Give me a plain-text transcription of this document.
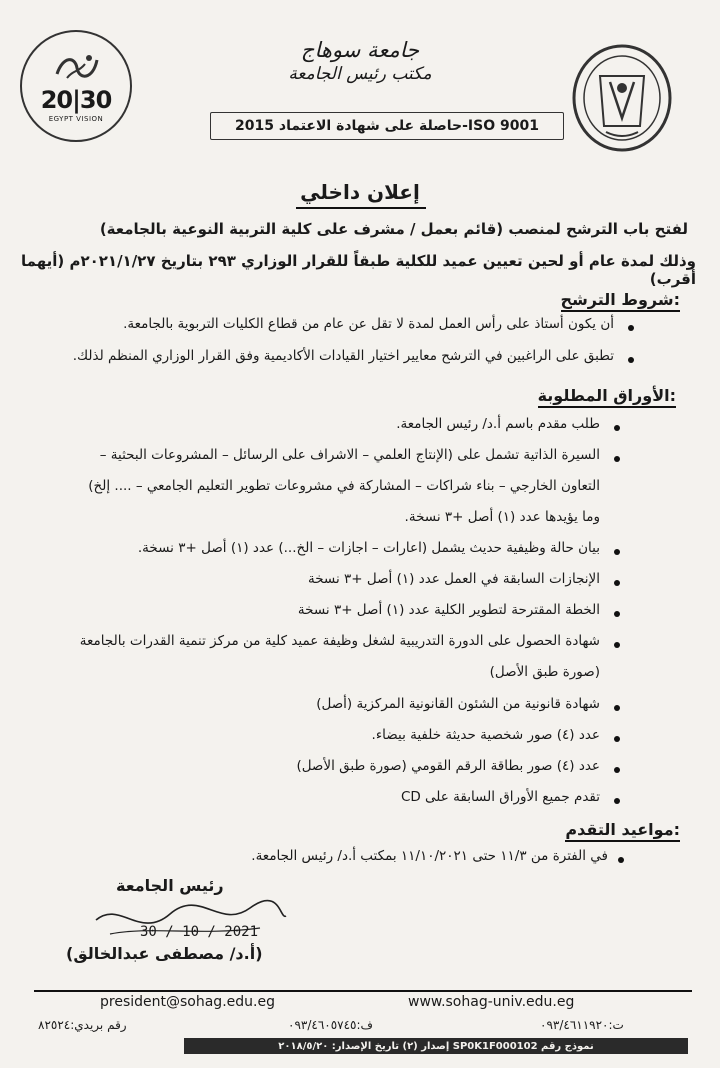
20|30
EGYPT VISION
جامعة سوهاج
مكتب رئيس الجامعة
حاصلة على شهادة الاعتماد 2015-ISO 9001
إعلان داخلي
لفتح باب الترشح لمنصب (قائم بعمل / مشرف على كلية التربية النوعية بالجامعة)
وذلك لمدة عام أو لحين تعيين عميد للكلية طبقاً للقرار الوزاري ٢٩٣ بتاريخ ٢٠٢١/١/٢٧م (أيهما أقرب)
شروط الترشح:
أن يكون أستاذ على رأس العمل لمدة لا تقل عن عام من قطاع الكليات التربوية بالجامعة.
تطبق على الراغبين في الترشح معايير اختيار القيادات الأكاديمية وفق القرار الوزاري المنظم لذلك.
الأوراق المطلوبة:
طلب مقدم باسم أ.د/ رئيس الجامعة.
السيرة الذاتية تشمل على (الإنتاج العلمي – الاشراف على الرسائل – المشروعات البحثية –
التعاون الخارجي – بناء شراكات – المشاركة في مشروعات تطوير التعليم الجامعي – .... إلخ)
وما يؤيدها عدد (١) أصل +٣ نسخة.
بيان حالة وظيفية حديث يشمل (اعارات – اجازات – الخ...) عدد (١) أصل +٣ نسخة.
الإنجازات السابقة في العمل عدد (١) أصل +٣ نسخة
الخطة المقترحة لتطوير الكلية عدد (١) أصل +٣ نسخة
شهادة الحصول على الدورة التدريبية لشغل وظيفة عميد كلية من مركز تنمية القدرات بالجامعة
(صورة طبق الأصل)
شهادة قانونية من الشئون القانونية المركزية (أصل)
عدد (٤) صور شخصية حديثة خلفية بيضاء.
عدد (٤) صور بطاقة الرقم القومي (صورة طبق الأصل)
تقدم جميع الأوراق السابقة على CD
مواعيد التقدم:
في الفترة من ١١/٣ حتى ١١/١٠/٢٠٢١ بمكتب أ.د/ رئيس الجامعة.
رئيس الجامعة
30 / 10 / 2021
(أ.د/ مصطفى عبدالخالق)
president@sohag.edu.eg	www.sohag-univ.edu.eg
رقم بريدي:٨٢٥٢٤	ف:٠٩٣/٤٦٠٥٧٤٥	ت:٠٩٣/٤٦١١٩٢٠
نموذج رقم SP0K1F000102 إصدار (٢) تاريخ الإصدار: ٢٠١٨/٥/٢٠
